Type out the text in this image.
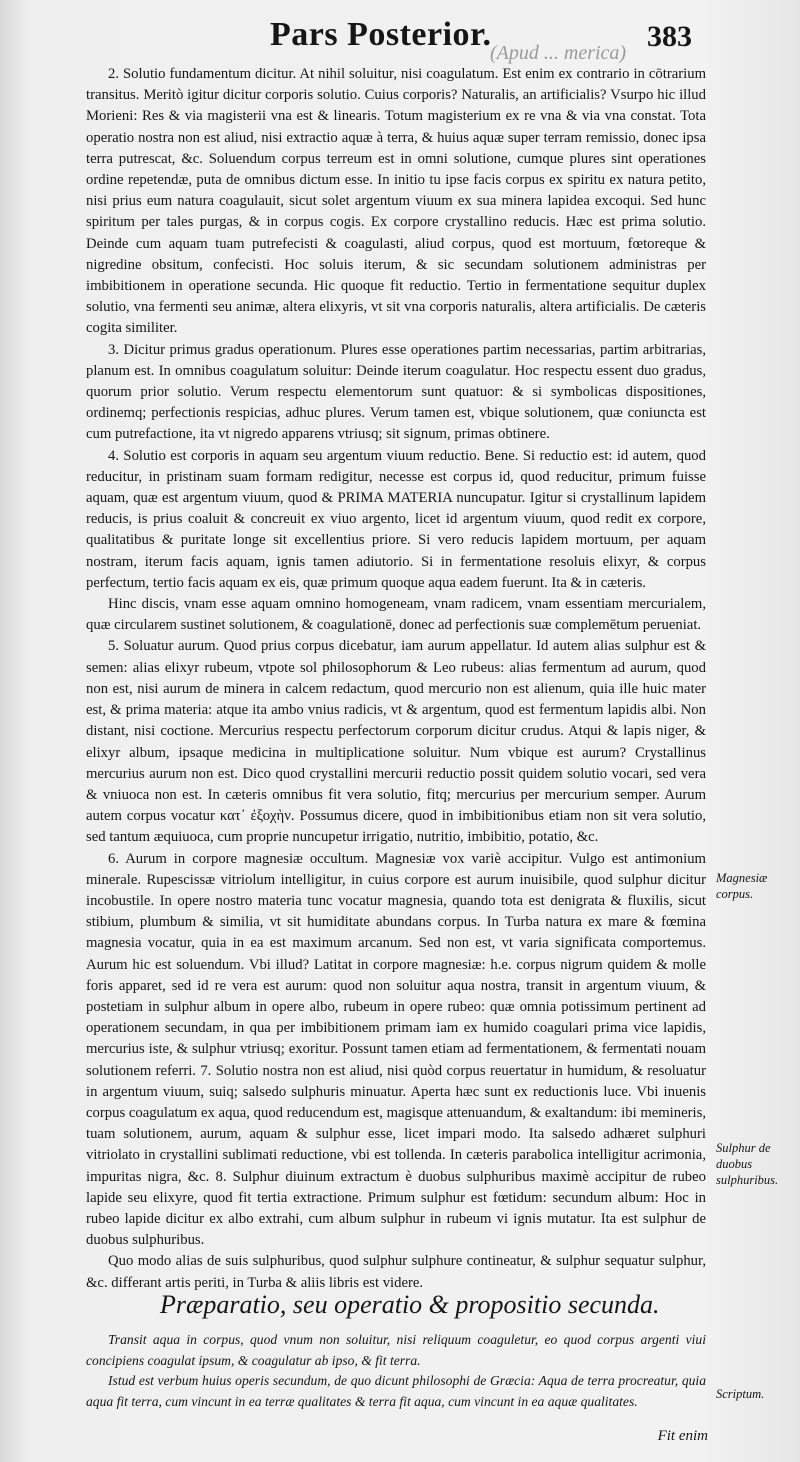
(Apud ... merica)
Pars Posterior.	383

2. Solutio fundamentum dicitur. At nihil soluitur, nisi coagulatum. Est enim ex contrario in cōtrarium transitus. Meritò igitur dicitur corporis solutio. Cuius corporis? Naturalis, an artificialis? Vsurpo hic illud Morieni: Res & via magisterii vna est & linearis. Totum magisterium ex re vna & via vna constat. Tota operatio nostra non est aliud, nisi extractio aquæ à terra, & huius aquæ super terram remissio, donec ipsa terra putrescat, &c. Soluendum corpus terreum est in omni solutione, cumque plures sint operationes ordine repetendæ, puta de omnibus dictum esse. In initio tu ipse facis corpus ex spiritu ex natura petito, nisi prius eum natura coagulauit, sicut solet argentum viuum ex sua minera lapidea excoqui. Sed hunc spiritum per tales purgas, & in corpus cogis. Ex corpore crystallino reducis. Hæc est prima solutio. Deinde cum aquam tuam putrefecisti & coagulasti, aliud corpus, quod est mortuum, fœtoreque & nigredine obsitum, confecisti. Hoc soluis iterum, & sic secundam solutionem administras per imbibitionem in operatione secunda. Hic quoque fit reductio. Tertio in fermentatione sequitur duplex solutio, vna fermenti seu animæ, altera elixyris, vt sit vna corporis naturalis, altera artificialis. De cæteris cogita similiter.

3. Dicitur primus gradus operationum. Plures esse operationes partim necessarias, partim arbitrarias, planum est. In omnibus coagulatum soluitur: Deinde iterum coagulatur. Hoc respectu essent duo gradus, quorum prior solutio. Verum respectu elementorum sunt quatuor: & si symbolicas dispositiones, ordinemq; perfectionis respicias, adhuc plures. Verum tamen est, vbique solutionem, quæ coniuncta est cum putrefactione, ita vt nigredo apparens vtriusq; sit signum, primas obtinere.

4. Solutio est corporis in aquam seu argentum viuum reductio. Bene. Si reductio est: id autem, quod reducitur, in pristinam suam formam redigitur, necesse est corpus id, quod reducitur, primum fuisse aquam, quæ est argentum viuum, quod & PRIMA MATERIA nuncupatur. Igitur si crystallinum lapidem reducis, is prius coaluit & concreuit ex viuo argento, licet id argentum viuum, quod redit ex corpore, qualitatibus & puritate longe sit excellentius priore. Si vero reducis lapidem mortuum, per aquam nostram, iterum facis aquam, ignis tamen adiutorio. Si in fermentatione resoluis elixyr, & corpus perfectum, tertio facis aquam ex eis, quæ primum quoque aqua eadem fuerunt. Ita & in cæteris.

Hinc discis, vnam esse aquam omnino homogeneam, vnam radicem, vnam essentiam mercurialem, quæ circularem sustinet solutionem, & coagulationē, donec ad perfectionis suæ complemētum perueniat.

5. Soluatur aurum. Quod prius corpus dicebatur, iam aurum appellatur. Id autem alias sulphur est & semen: alias elixyr rubeum, vtpote sol philosophorum & Leo rubeus: alias fermentum ad aurum, quod non est, nisi aurum de minera in calcem redactum, quod mercurio non est alienum, quia ille huic mater est, & prima materia: atque ita ambo vnius radicis, vt & argentum, quod est fermentum lapidis albi. Non distant, nisi coctione. Mercurius respectu perfectorum corporum dicitur crudus. Atqui & lapis niger, & elixyr album, ipsaque medicina in multiplicatione soluitur. Num vbique est aurum? Crystallinus mercurius aurum non est. Dico quod crystallini mercurii reductio possit quidem solutio vocari, sed vera & vniuoca non est. In cæteris omnibus fit vera solutio, fitq; mercurius per mercurium semper. Aurum autem corpus vocatur κατ᾽ ἐξοχὴν. Possumus dicere, quod in imbibitionibus etiam non sit vera solutio, sed tantum æquiuoca, cum proprie nuncupetur irrigatio, nutritio, imbibitio, potatio, &c.

6. Aurum in corpore magnesiæ occultum. Magnesiæ vox variè accipitur. Vulgo est antimonium minerale. Rupescissæ vitriolum intelligitur, in cuius corpore est aurum inuisibile, quod sulphur dicitur incobustile. In opere nostro materia tunc vocatur magnesia, quando tota est denigrata & fluxilis, sicut stibium, plumbum & similia, vt sit humiditate abundans corpus. In Turba natura ex mare & fœmina magnesia vocatur, quia in ea est maximum arcanum. Sed non est, vt varia significata comportemus. Aurum hic est soluendum. Vbi illud? Latitat in corpore magnesiæ: h.e. corpus nigrum quidem & molle foris apparet, sed id re vera est aurum: quod non soluitur aqua nostra, transit in argentum viuum, & postetiam in sulphur album in opere albo, rubeum in opere rubeo: quæ omnia potissimum pertinent ad operationem secundam, in qua per imbibitionem primam iam ex humido coagulari prima vice lapidis, mercurius iste, & sulphur vtriusq; exoritur. Possunt tamen etiam ad fermentationem, & fermentati nouam solutionem referri. 7. Solutio nostra non est aliud, nisi quòd corpus reuertatur in humidum, & resoluatur in argentum viuum, suiq; salsedo sulphuris minuatur. Aperta hæc sunt ex reductionis luce. Vbi inuenis corpus coagulatum ex aqua, quod reducendum est, magisque attenuandum, & exaltandum: ibi memineris, tuam solutionem, aurum, aquam & sulphur esse, licet impari modo. Ita salsedo adhæret sulphuri vitriolato in crystallini sublimati reductione, vbi est tollenda. In cæteris parabolica intelligitur acrimonia, impuritas nigra, &c. 8. Sulphur diuinum extractum è duobus sulphuribus maximè accipitur de rubeo lapide seu elixyre, quod fit tertia extractione. Primum sulphur est fœtidum: secundum album: Hoc in rubeo lapide dicitur ex albo extrahi, cum album sulphur in rubeum vi ignis mutatur. Ita est sulphur de duobus sulphuribus.

Quo modo alias de suis sulphuribus, quod sulphur sulphure contineatur, & sulphur sequatur sulphur, &c. differant artis periti, in Turba & aliis libris est videre.

Magnesiæ corpus.
Sulphur de duobus sulphuribus.
Scriptum.
Præparatio, seu operatio & propositio secunda.

Transit aqua in corpus, quod vnum non soluitur, nisi reliquum coaguletur, eo quod corpus argenti viui concipiens coagulat ipsum, & coagulatur ab ipso, & fit terra.

Istud est verbum huius operis secundum, de quo dicunt philosophi de Græcia: Aqua de terra procreatur, quia aqua fit terra, cum vincunt in ea terræ qualitates & terra fit aqua, cum vincunt in ea aquæ qualitates.

Fit enim
